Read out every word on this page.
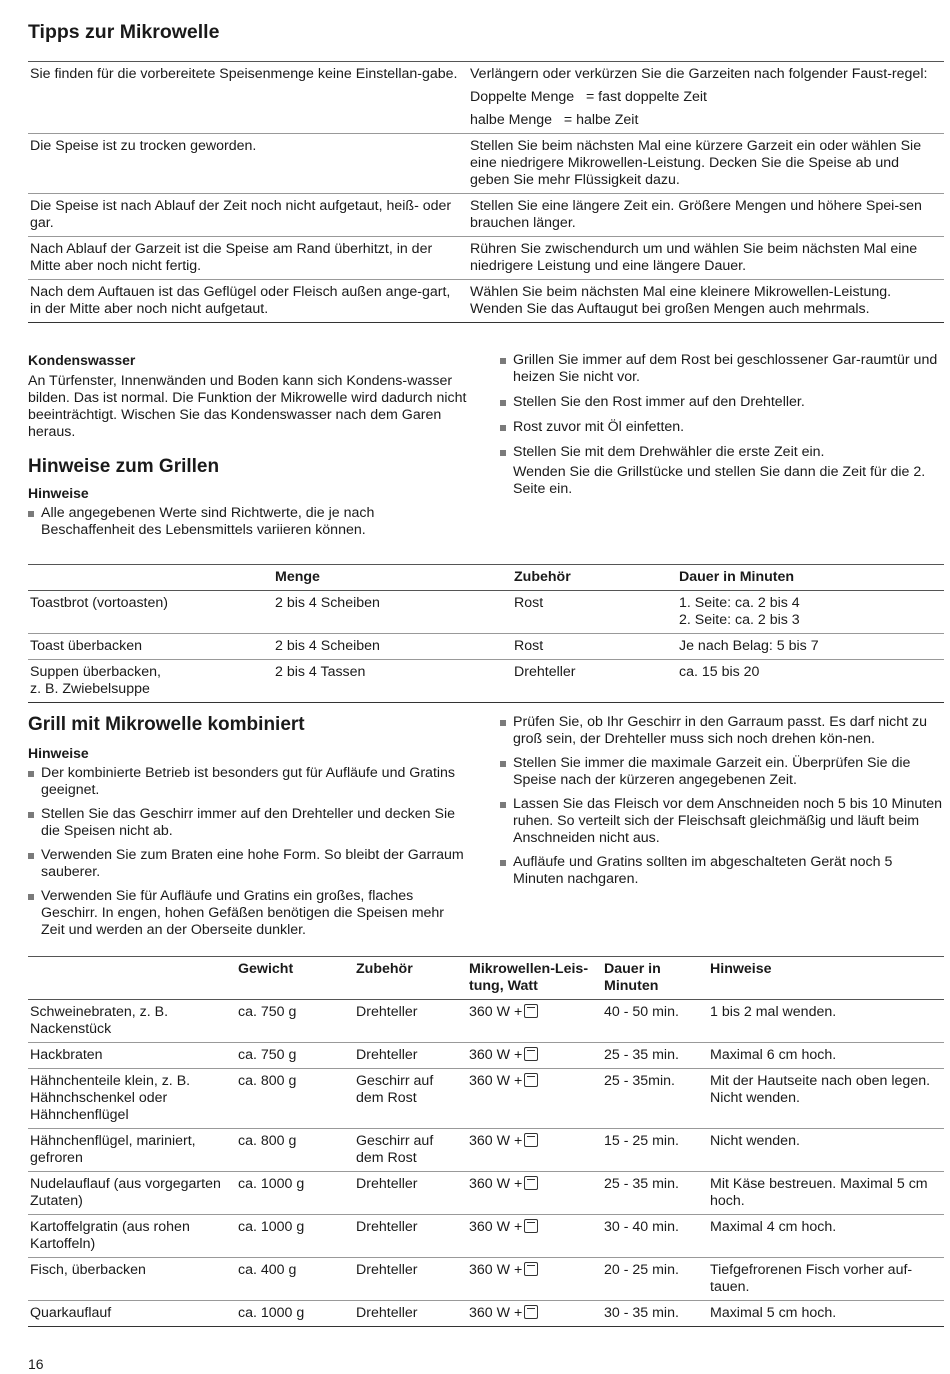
Tipps zur Mikrowelle
Sie finden für die vorbereitete Speisenmenge keine Einstellan-gabe.	Verlängern oder verkürzen Sie die Garzeiten nach folgender Faust-regel:
Doppelte Menge   = fast doppelte Zeit
halbe Menge   = halbe Zeit

Die Speise ist zu trocken geworden.	Stellen Sie beim nächsten Mal eine kürzere Garzeit ein oder wählen Sie eine niedrigere Mikrowellen-Leistung. Decken Sie die Speise ab und geben Sie mehr Flüssigkeit dazu.
Die Speise ist nach Ablauf der Zeit noch nicht aufgetaut, heiß- oder gar.	Stellen Sie eine längere Zeit ein. Größere Mengen und höhere Spei-sen brauchen länger.
Nach Ablauf der Garzeit ist die Speise am Rand überhitzt, in der Mitte aber noch nicht fertig.	Rühren Sie zwischendurch um und wählen Sie beim nächsten Mal eine niedrigere Leistung und eine längere Dauer.
Nach dem Auftauen ist das Geflügel oder Fleisch außen ange-gart, in der Mitte aber noch nicht aufgetaut.	Wählen Sie beim nächsten Mal eine kleinere Mikrowellen-Leistung. Wenden Sie das Auftaugut bei großen Mengen auch mehrmals.
Kondenswasser

An Türfenster, Innenwänden und Boden kann sich Kondens-wasser bilden. Das ist normal. Die Funktion der Mikrowelle wird dadurch nicht beeinträchtigt. Wischen Sie das Kondenswasser nach dem Garen heraus.

Hinweise zum Grillen
Hinweise
Alle angegebenen Werte sind Richtwerte, die je nach Beschaffenheit des Lebensmittels variieren können.
Grillen Sie immer auf dem Rost bei geschlossener Gar-raumtür und heizen Sie nicht vor.
Stellen Sie den Rost immer auf den Drehteller.
Rost zuvor mit Öl einfetten.
Stellen Sie mit dem Drehwähler die erste Zeit ein.
Wenden Sie die Grillstücke und stellen Sie dann die Zeit für die 2. Seite ein.
	Menge	Zubehör	Dauer in Minuten
Toastbrot (vortoasten)	2 bis 4 Scheiben	Rost	1. Seite: ca. 2 bis 4
2. Seite: ca. 2 bis 3

Toast überbacken	2 bis 4 Scheiben	Rost	Je nach Belag: 5 bis 7

Suppen überbacken,
z. B. Zwiebelsuppe	2 bis 4 Tassen	Drehteller	ca. 15 bis 20
Grill mit Mikrowelle kombiniert
Hinweise
Der kombinierte Betrieb ist besonders gut für Aufläufe und Gratins geeignet.
Stellen Sie das Geschirr immer auf den Drehteller und decken Sie die Speisen nicht ab.
Verwenden Sie zum Braten eine hohe Form. So bleibt der Garraum sauberer.
Verwenden Sie für Aufläufe und Gratins ein großes, flaches Geschirr. In engen, hohen Gefäßen benötigen die Speisen mehr Zeit und werden an der Oberseite dunkler.
Prüfen Sie, ob Ihr Geschirr in den Garraum passt. Es darf nicht zu groß sein, der Drehteller muss sich noch drehen kön-nen.
Stellen Sie immer die maximale Garzeit ein. Überprüfen Sie die Speise nach der kürzeren angegebenen Zeit.
Lassen Sie das Fleisch vor dem Anschneiden noch 5 bis 10 Minuten ruhen. So verteilt sich der Fleischsaft gleichmäßig und läuft beim Anschneiden nicht aus.
Aufläufe und Gratins sollten im abgeschalteten Gerät noch 5 Minuten nachgaren.
	Gewicht	Zubehör	Mikrowellen-Leis-tung, Watt	Dauer in Minuten	Hinweise
Schweinebraten, z. B. Nackenstück	ca. 750 g	Drehteller	360 W +	40 - 50 min.	1 bis 2 mal wenden.
Hackbraten	ca. 750 g	Drehteller	360 W +	25 - 35 min.	Maximal 6 cm hoch.
Hähnchenteile klein, z. B. Hähnchschenkel oder Hähnchenflügel	ca. 800 g	Geschirr auf dem Rost	360 W +	25 - 35min.	Mit der Hautseite nach oben legen. Nicht wenden.
Hähnchenflügel, mariniert, gefroren	ca. 800 g	Geschirr auf dem Rost	360 W +	15 - 25 min.	Nicht wenden.
Nudelauflauf (aus vorgegarten Zutaten)	ca. 1000 g	Drehteller	360 W +	25 - 35 min.	Mit Käse bestreuen. Maximal 5 cm hoch.
Kartoffelgratin (aus rohen Kartoffeln)	ca. 1000 g	Drehteller	360 W +	30 - 40 min.	Maximal 4 cm hoch.
Fisch, überbacken	ca. 400 g	Drehteller	360 W +	20 - 25 min.	Tiefgefrorenen Fisch vorher auf-tauen.
Quarkauflauf	ca. 1000 g	Drehteller	360 W +	30 - 35 min.	Maximal 5 cm hoch.
16
